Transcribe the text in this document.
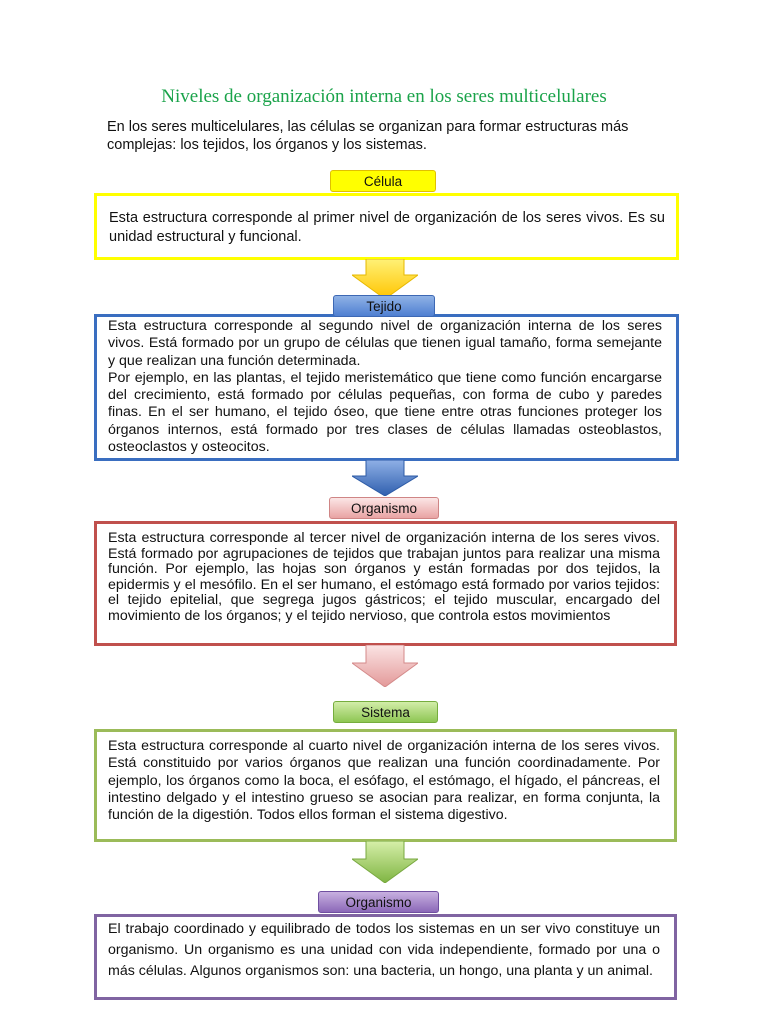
Niveles de organización interna en los seres multicelulares
En los seres multicelulares, las células se organizan para formar estructuras más complejas: los tejidos, los órganos y los sistemas.
Esta estructura corresponde al primer nivel de organización de los seres vivos. Es su unidad estructural y funcional.
Célula
Esta estructura corresponde al segundo nivel de organización interna de los seres vivos. Está formado por un grupo de células que tienen igual tamaño, forma semejante y que realizan una función determinada.
Por ejemplo, en las plantas, el tejido meristemático que tiene como función encargarse del crecimiento, está formado por células pequeñas, con forma de cubo y paredes finas. En el ser humano, el tejido óseo, que tiene entre otras funciones proteger los órganos internos, está formado por tres clases de células llamadas osteoblastos, osteoclastos y osteocitos.
Tejido
Esta estructura corresponde al tercer nivel de organización interna de los seres vivos. Está formado por agrupaciones de tejidos que trabajan juntos para realizar una misma función. Por ejemplo, las hojas son órganos y están formadas por dos tejidos, la epidermis y el mesófilo. En el ser humano, el estómago está formado por varios tejidos: el tejido epitelial, que segrega jugos gástricos; el tejido muscular, encargado del movimiento de los órganos; y el tejido nervioso, que controla estos movimientos
Organismo
Esta estructura corresponde al cuarto nivel de organización interna de los seres vivos. Está constituido por varios órganos que realizan una función coordinadamente. Por ejemplo, los órganos como la boca, el esófago, el estómago, el hígado, el páncreas, el intestino delgado y el intestino grueso se asocian para realizar, en forma conjunta, la función de la digestión. Todos ellos forman el sistema digestivo.
Sistema
El trabajo coordinado y equilibrado de todos los sistemas en un ser vivo constituye un organismo. Un organismo es una unidad con vida independiente, formado por una o más células. Algunos organismos son: una bacteria, un hongo, una planta y un animal.
Organismo
